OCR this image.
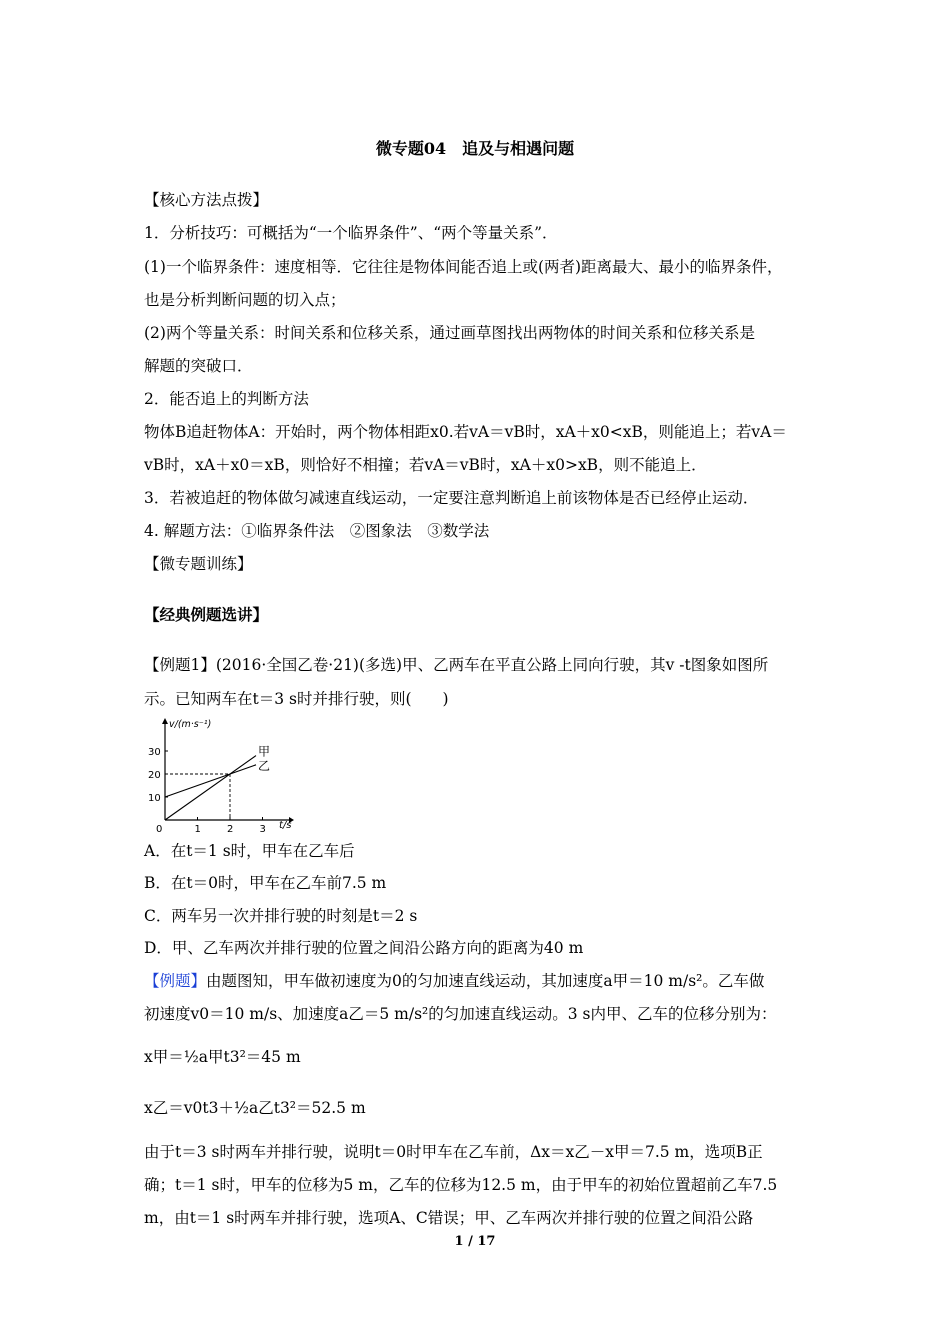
微专题04　追及与相遇问题
【核心方法点拨】
1．分析技巧：可概括为“一个临界条件”、“两个等量关系”．
(1)一个临界条件：速度相等．它往往是物体间能否追上或(两者)距离最大、最小的临界条件，
也是分析判断问题的切入点；
(2)两个等量关系：时间关系和位移关系，通过画草图找出两物体的时间关系和位移关系是
解题的突破口．
2．能否追上的判断方法
物体B追赶物体A：开始时，两个物体相距x0.若vA＝vB时，xA＋x0<xB，则能追上；若vA＝
vB时，xA＋x0＝xB，则恰好不相撞；若vA＝vB时，xA＋x0>xB，则不能追上．
3．若被追赶的物体做匀减速直线运动，一定要注意判断追上前该物体是否已经停止运动．
4. 解题方法：①临界条件法　②图象法　③数学法
【微专题训练】
【经典例题选讲】
【例题1】(2016·全国乙卷·21)(多选)甲、乙两车在平直公路上同向行驶，其v -t图象如图所
示。已知两车在t＝3 s时并排行驶，则(　　)
v/(m·s⁻¹)
t/s
0	1	2	3
10
20
30	甲
乙
A．在t＝1 s时，甲车在乙车后
B．在t＝0时，甲车在乙车前7.5 m
C．两车另一次并排行驶的时刻是t＝2 s
D．甲、乙车两次并排行驶的位置之间沿公路方向的距离为40 m
【例题】由题图知，甲车做初速度为0的匀加速直线运动，其加速度a甲＝10 m/s²。乙车做
初速度v0＝10 m/s、加速度a乙＝5 m/s²的匀加速直线运动。3 s内甲、乙车的位移分别为：
x甲＝½a甲t3²＝45 m
x乙＝v0t3＋½a乙t3²＝52.5 m
由于t＝3 s时两车并排行驶，说明t＝0时甲车在乙车前，Δx＝x乙－x甲＝7.5 m，选项B正
确；t＝1 s时，甲车的位移为5 m，乙车的位移为12.5 m，由于甲车的初始位置超前乙车7.5
m，由t＝1 s时两车并排行驶，选项A、C错误；甲、乙车两次并排行驶的位置之间沿公路
1 / 17
